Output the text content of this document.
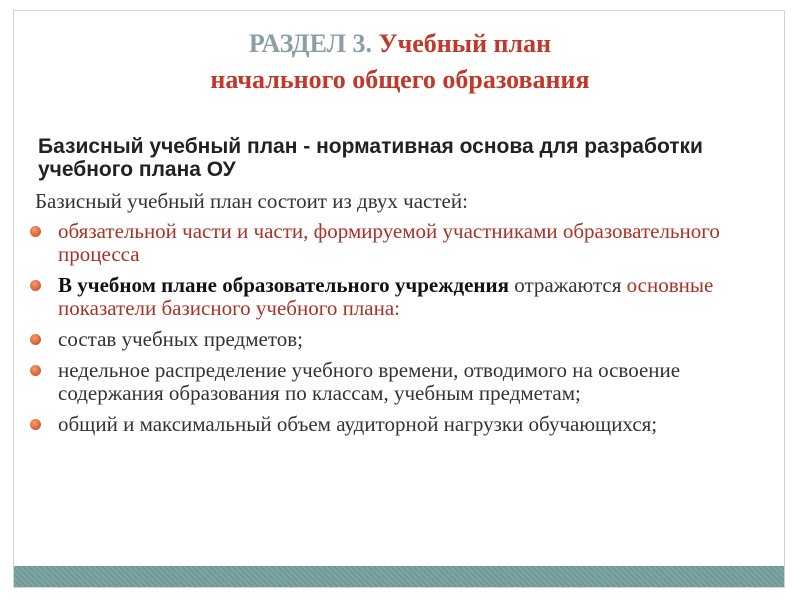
РАЗДЕЛ 3. Учебный план
начального общего образования
Базисный учебный план - нормативная основа для разработки учебного плана ОУ
Базисный учебный план состоит из двух частей:
обязательной части и части, формируемой участниками образовательного процесса
В учебном плане образовательного учреждения отражаются основные показатели базисного учебного плана:
состав учебных предметов;
недельное распределение учебного времени, отводимого на освоение содержания образования по классам, учебным предметам;
общий и максимальный объем аудиторной нагрузки обучающихся;
